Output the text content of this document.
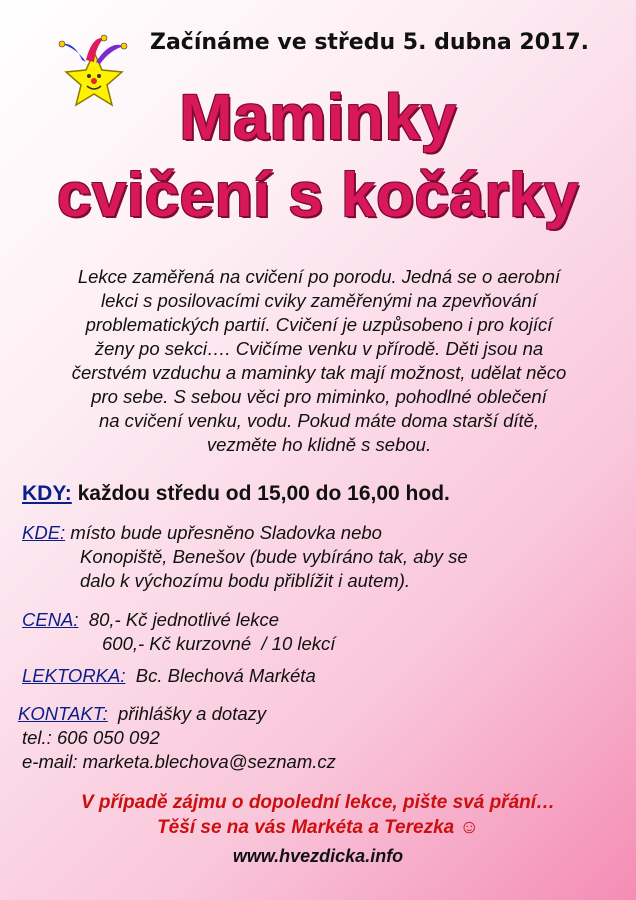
Začínáme ve středu 5. dubna 2017.
Maminky
cvičení s kočárky
Lekce zaměřená na cvičení po porodu. Jedná se o aerobní
lekci s posilovacími cviky zaměřenými na zpevňování
problematických partií. Cvičení je uzpůsobeno i pro kojící
ženy po sekci…. Cvičíme venku v přírodě. Děti jsou na
čerstvém vzduchu a maminky tak mají možnost, udělat něco
pro sebe. S sebou věci pro miminko, pohodlné oblečení
na cvičení venku, vodu. Pokud máte doma starší dítě,
vezměte ho klidně s sebou.
KDY: každou středu od 15,00 do 16,00 hod.
KDE: místo bude upřesněno Sladovka nebo
Konopiště, Benešov (bude vybíráno tak, aby se
dalo k výchozímu bodu přiblížit i autem).
CENA:  80,- Kč jednotlivé lekce
600,- Kč kurzovné  / 10 lekcí
LEKTORKA:  Bc. Blechová Markéta
KONTAKT:  přihlášky a dotazy
tel.: 606 050 092
e-mail: marketa.blechova@seznam.cz
V případě zájmu o dopolední lekce, pište svá přání…
Těší se na vás Markéta a Terezka ☺
www.hvezdicka.info
